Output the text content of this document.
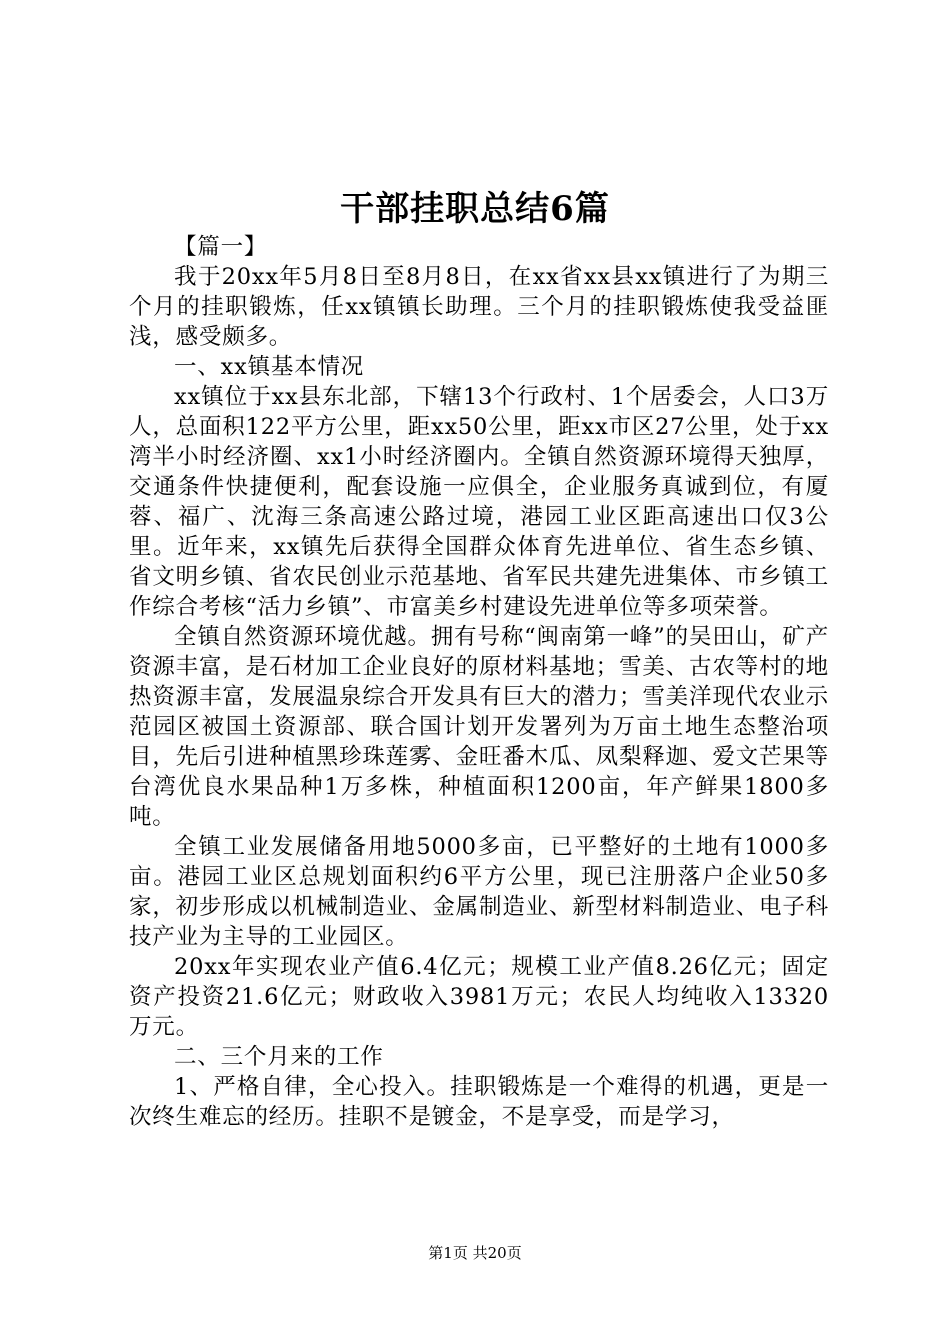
干部挂职总结6篇

【篇一】

我于20xx年5月8日至8月8日，在xx省xx县xx镇进行了为期三个月的挂职锻炼，任xx镇镇长助理。三个月的挂职锻炼使我受益匪浅，感受颇多。

一、xx镇基本情况

xx镇位于xx县东北部，下辖13个行政村、1个居委会，人口3万人，总面积122平方公里，距xx50公里，距xx市区27公里，处于xx湾半小时经济圈、xx1小时经济圈内。全镇自然资源环境得天独厚，交通条件快捷便利，配套设施一应俱全，企业服务真诚到位，有厦蓉、福广、沈海三条高速公路过境，港园工业区距高速出口仅3公里。近年来，xx镇先后获得全国群众体育先进单位、省生态乡镇、省文明乡镇、省农民创业示范基地、省军民共建先进集体、市乡镇工作综合考核“活力乡镇”、市富美乡村建设先进单位等多项荣誉。

全镇自然资源环境优越。拥有号称“闽南第一峰”的吴田山，矿产资源丰富，是石材加工企业良好的原材料基地；雪美、古农等村的地热资源丰富，发展温泉综合开发具有巨大的潜力；雪美洋现代农业示范园区被国土资源部、联合国计划开发署列为万亩土地生态整治项目，先后引进种植黑珍珠莲雾、金旺番木瓜、凤梨释迦、爱文芒果等台湾优良水果品种1万多株，种植面积1200亩，年产鲜果1800多吨。

全镇工业发展储备用地5000多亩，已平整好的土地有1000多亩。港园工业区总规划面积约6平方公里，现已注册落户企业50多家，初步形成以机械制造业、金属制造业、新型材料制造业、电子科技产业为主导的工业园区。

20xx年实现农业产值6.4亿元；规模工业产值8.26亿元；固定资产投资21.6亿元；财政收入3981万元；农民人均纯收入13320万元。

二、三个月来的工作

1、严格自律，全心投入。挂职锻炼是一个难得的机遇，更是一次终生难忘的经历。挂职不是镀金，不是享受，而是学习，

第1页 共20页
